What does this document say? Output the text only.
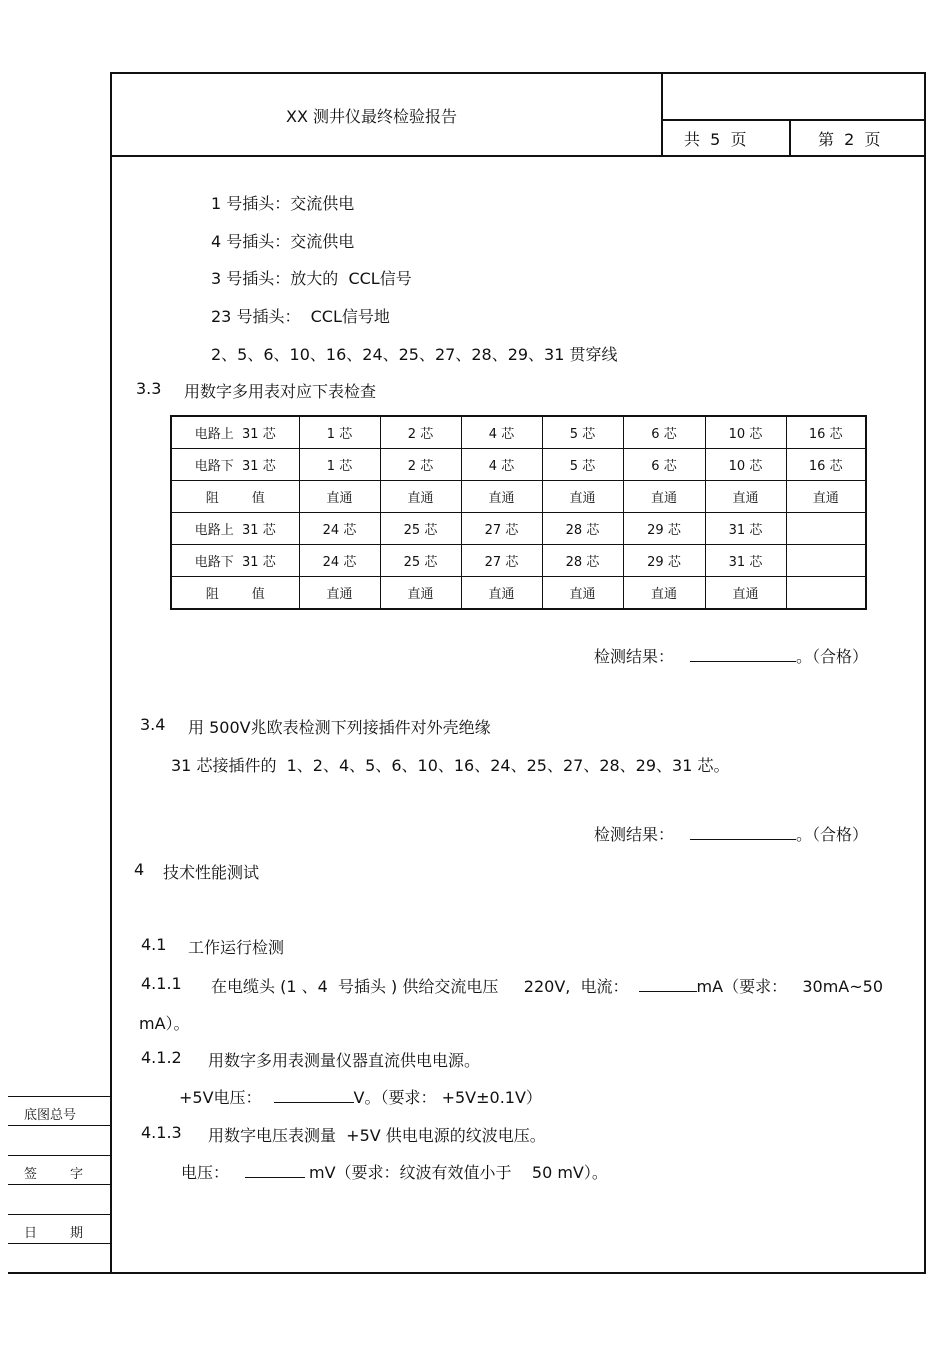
XX 测井仪最终检验报告
共  5  页	第  2  页
1 号插头：交流供电
4 号插头：交流供电
3 号插头：放大的  CCL信号
23 号插头：  CCL信号地
2、5、6、10、16、24、25、27、28、29、31 贯穿线
3.3 用数字多用表对应下表检查
电路上  31 芯	1 芯	2 芯	4 芯	5 芯	6 芯	10 芯	16 芯
电路下  31 芯	1 芯	2 芯	4 芯	5 芯	6 芯	10 芯	16 芯
阻        值	直通	直通	直通	直通	直通	直通	直通
电路上  31 芯	24 芯	25 芯	27 芯	28 芯	29 芯	31 芯	
电路下  31 芯	24 芯	25 芯	27 芯	28 芯	29 芯	31 芯	
阻        值	直通	直通	直通	直通	直通	直通	
检测结果：	。（合格）
3.4 用 500V兆欧表检测下列接插件对外壳绝缘
31 芯接插件的  1、2、4、5、6、10、16、24、25、27、28、29、31 芯。
检测结果：	。（合格）
4 技术性能测试
4.1 工作运行检测
4.1.1 在电缆头 (1 、4  号插头 ) 供给交流电压     220V,  电流：	mA（要求：   30mA~50
mA）。
4.1.2 用数字多用表测量仪器直流供电电源。
+5V电压：	V。（要求： +5V±0.1V）
4.1.3 用数字电压表测量  +5V 供电电源的纹波电压。
电压：	mV（要求：纹波有效值小于    50 mV）。
底图总号
签        字
日        期
